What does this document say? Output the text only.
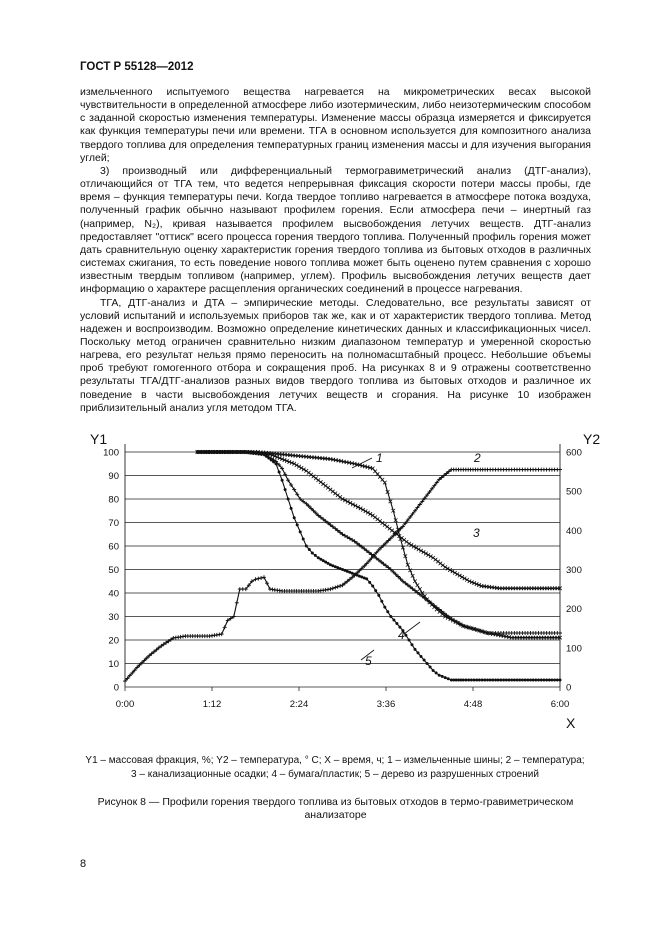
ГОСТ Р 55128—2012

измельченного испытуемого вещества нагревается на микрометрических весах высокой чувствительности в определенной атмосфере либо изотермическим, либо неизотермическим способом с заданной скоростью изменения температуры. Изменение массы образца измеряется и фиксируется как функция температуры печи или времени. ТГА в основном используется для композитного анализа твердого топлива для определения температурных границ изменения массы и для изучения выгорания углей;

3) производный или дифференциальный термогравиметрический анализ (ДТГ-анализ), отличающийся от ТГА тем, что ведется непрерывная фиксация скорости потери массы пробы, где время – функция температуры печи. Когда твердое топливо нагревается в атмосфере потока воздуха, полученный график обычно называют профилем горения. Если атмосфера печи – инертный газ (например, N₂), кривая называется профилем высвобождения летучих веществ. ДТГ-анализ предоставляет "оттиск" всего процесса горения твердого топлива. Полученный профиль горения может дать сравнительную оценку характеристик горения твердого топлива из бытовых отходов в различных системах сжигания, то есть поведение нового топлива может быть оценено путем сравнения с хорошо известным твердым топливом (например, углем). Профиль высвобождения летучих веществ дает информацию о характере расщепления органических соединений в процессе нагревания.

ТГА, ДТГ-анализ и ДТА – эмпирические методы. Следовательно, все результаты зависят от условий испытаний и используемых приборов так же, как и от характеристик твердого топлива. Метод надежен и воспроизводим. Возможно определение кинетических данных и классификационных чисел. Поскольку метод ограничен сравнительно низким диапазоном температур и умеренной скоростью нагрева, его результат нельзя прямо переносить на полномасштабный процесс. Небольшие объемы проб требуют гомогенного отбора и сокращения проб. На рисунках 8 и 9 отражены соответственно результаты ТГА/ДТГ-анализов разных видов твердого топлива из бытовых отходов и различное их поведение в части высвобождения летучих веществ и сгорания. На рисунке 10 изображен приблизительный анализ угля методом ТГА.

0
10
20
30
40
50
60
70
80
90
100
0
100
200
300
400
500
600
0:00	1:12	2:24	3:36	4:48	6:00
Y1	Y2
X
1	2
3
4
5
Y1 – массовая фракция, %; Y2 – температура, ° С; X – время, ч; 1 – измельченные шины; 2 – температура;
3 – канализационные осадки; 4 – бумага/пластик; 5 – дерево из разрушенных строений
Рисунок 8 — Профили горения твердого топлива из бытовых отходов в термо-гравиметрическом анализаторе
8
